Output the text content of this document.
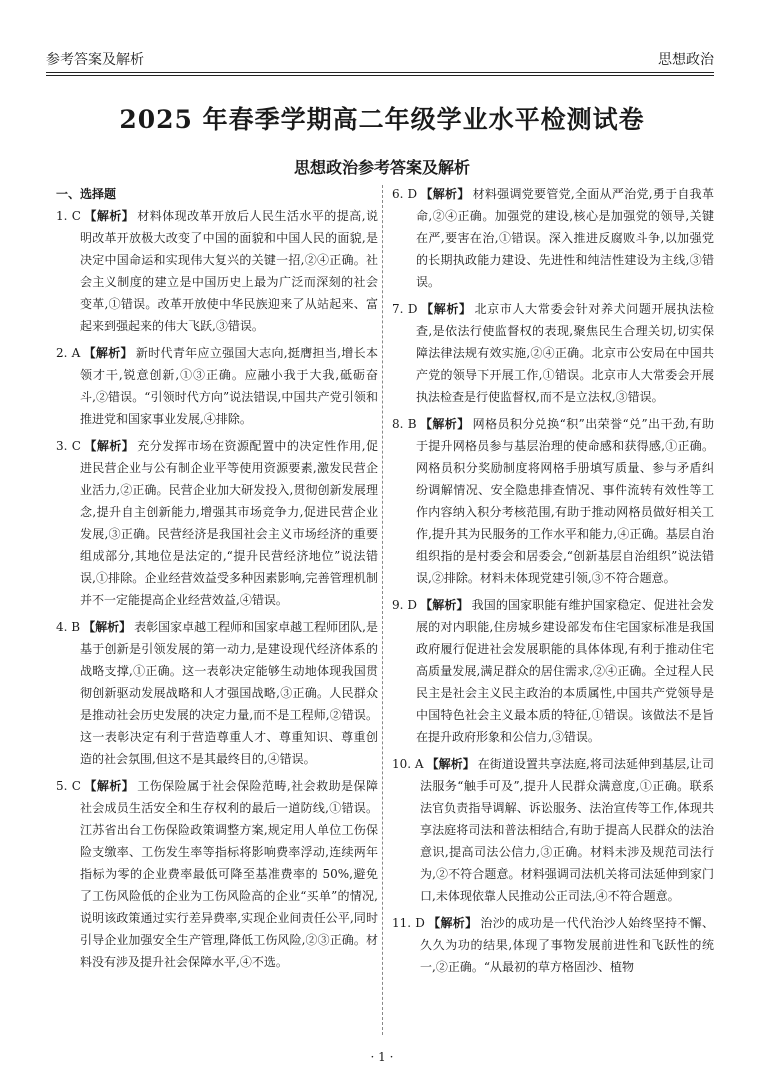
参考答案及解析	思想政治
2025 年春季学期高二年级学业水平检测试卷
思想政治参考答案及解析
一、选择题

1. C 【解析】 材料体现改革开放后人民生活水平的提高,说明改革开放极大改变了中国的面貌和中国人民的面貌,是决定中国命运和实现伟大复兴的关键一招,②④正确。社会主义制度的建立是中国历史上最为广泛而深刻的社会变革,①错误。改革开放使中华民族迎来了从站起来、富起来到强起来的伟大飞跃,③错误。

2. A 【解析】 新时代青年应立强国大志向,挺膺担当,增长本领才干,锐意创新,①③正确。应融小我于大我,砥砺奋斗,②错误。“引领时代方向”说法错误,中国共产党引领和推进党和国家事业发展,④排除。

3. C 【解析】 充分发挥市场在资源配置中的决定性作用,促进民营企业与公有制企业平等使用资源要素,激发民营企业活力,②正确。民营企业加大研发投入,贯彻创新发展理念,提升自主创新能力,增强其市场竞争力,促进民营企业发展,③正确。民营经济是我国社会主义市场经济的重要组成部分,其地位是法定的,“提升民营经济地位”说法错误,①排除。企业经营效益受多种因素影响,完善管理机制并不一定能提高企业经营效益,④错误。

4. B 【解析】 表彰国家卓越工程师和国家卓越工程师团队,是基于创新是引领发展的第一动力,是建设现代经济体系的战略支撑,①正确。这一表彰决定能够生动地体现我国贯彻创新驱动发展战略和人才强国战略,③正确。人民群众是推动社会历史发展的决定力量,而不是工程师,②错误。这一表彰决定有利于营造尊重人才、尊重知识、尊重创造的社会氛围,但这不是其最终目的,④错误。

5. C 【解析】 工伤保险属于社会保险范畴,社会救助是保障社会成员生活安全和生存权利的最后一道防线,①错误。江苏省出台工伤保险政策调整方案,规定用人单位工伤保险支缴率、工伤发生率等指标将影响费率浮动,连续两年指标为零的企业费率最低可降至基准费率的 50%,避免了工伤风险低的企业为工伤风险高的企业“买单”的情况,说明该政策通过实行差异费率,实现企业间责任公平,同时引导企业加强安全生产管理,降低工伤风险,②③正确。材料没有涉及提升社会保障水平,④不选。

6. D 【解析】 材料强调党要管党,全面从严治党,勇于自我革命,②④正确。加强党的建设,核心是加强党的领导,关键在严,要害在治,①错误。深入推进反腐败斗争,以加强党的长期执政能力建设、先进性和纯洁性建设为主线,③错误。

7. D 【解析】 北京市人大常委会针对养犬问题开展执法检查,是依法行使监督权的表现,聚焦民生合理关切,切实保障法律法规有效实施,②④正确。北京市公安局在中国共产党的领导下开展工作,①错误。北京市人大常委会开展执法检查是行使监督权,而不是立法权,③错误。

8. B 【解析】 网格员积分兑换“积”出荣誉“兑”出干劲,有助于提升网格员参与基层治理的使命感和获得感,①正确。网格员积分奖励制度将网格手册填写质量、参与矛盾纠纷调解情况、安全隐患排查情况、事件流转有效性等工作内容纳入积分考核范围,有助于推动网格员做好相关工作,提升其为民服务的工作水平和能力,④正确。基层自治组织指的是村委会和居委会,“创新基层自治组织”说法错误,②排除。材料未体现党建引领,③不符合题意。

9. D 【解析】 我国的国家职能有维护国家稳定、促进社会发展的对内职能,住房城乡建设部发布住宅国家标准是我国政府履行促进社会发展职能的具体体现,有利于推动住宅高质量发展,满足群众的居住需求,②④正确。全过程人民民主是社会主义民主政治的本质属性,中国共产党领导是中国特色社会主义最本质的特征,①错误。该做法不是旨在提升政府形象和公信力,③错误。

10. A 【解析】 在街道设置共享法庭,将司法延伸到基层,让司法服务“触手可及”,提升人民群众满意度,①正确。联系法官负责指导调解、诉讼服务、法治宣传等工作,体现共享法庭将司法和普法相结合,有助于提高人民群众的法治意识,提高司法公信力,③正确。材料未涉及规范司法行为,②不符合题意。材料强调司法机关将司法延伸到家门口,未体现依靠人民推动公正司法,④不符合题意。

11. D 【解析】 治沙的成功是一代代治沙人始终坚持不懈、久久为功的结果,体现了事物发展前进性和飞跃性的统一,②正确。“从最初的草方格固沙、植物

· 1 ·
